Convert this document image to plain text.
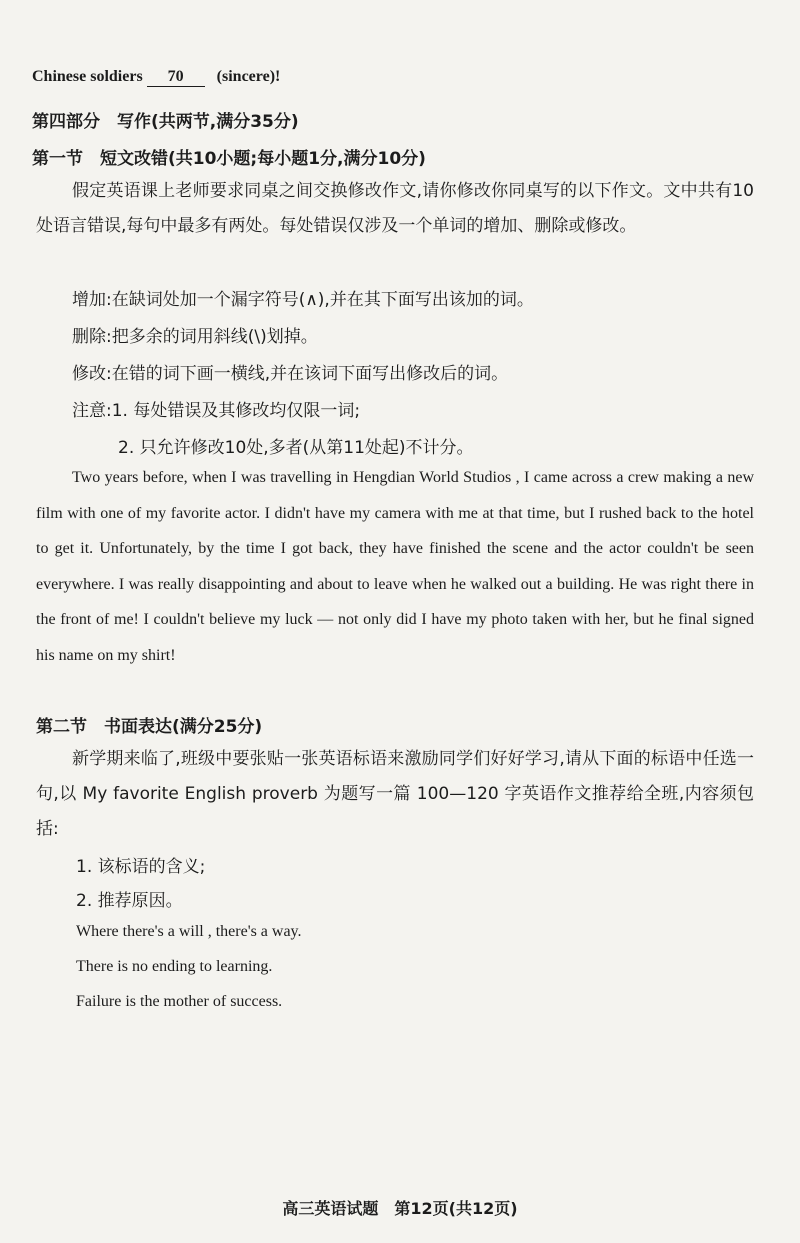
Chinese soldiers 70 (sincere)!
第四部分　写作(共两节,满分35分)
第一节　短文改错(共10小题;每小题1分,满分10分)
假定英语课上老师要求同桌之间交换修改作文,请你修改你同桌写的以下作文。文中共有10处语言错误,每句中最多有两处。每处错误仅涉及一个单词的增加、删除或修改。
增加:在缺词处加一个漏字符号(∧),并在其下面写出该加的词。
删除:把多余的词用斜线(\)划掉。
修改:在错的词下画一横线,并在该词下面写出修改后的词。
注意:1. 每处错误及其修改均仅限一词;
2. 只允许修改10处,多者(从第11处起)不计分。
Two years before, when I was travelling in Hengdian World Studios , I came across a crew making a new film with one of my favorite actor. I didn't have my camera with me at that time, but I rushed back to the hotel to get it. Unfortunately, by the time I got back, they have finished the scene and the actor couldn't be seen everywhere. I was really disappointing and about to leave when he walked out a building. He was right there in the front of me! I couldn't believe my luck — not only did I have my photo taken with her, but he final signed his name on my shirt!
第二节　书面表达(满分25分)
新学期来临了,班级中要张贴一张英语标语来激励同学们好好学习,请从下面的标语中任选一句,以 My favorite English proverb 为题写一篇 100—120 字英语作文推荐给全班,内容须包括:
1. 该标语的含义;
2. 推荐原因。
Where there's a will , there's a way.
There is no ending to learning.
Failure is the mother of success.
高三英语试题　第12页(共12页)
